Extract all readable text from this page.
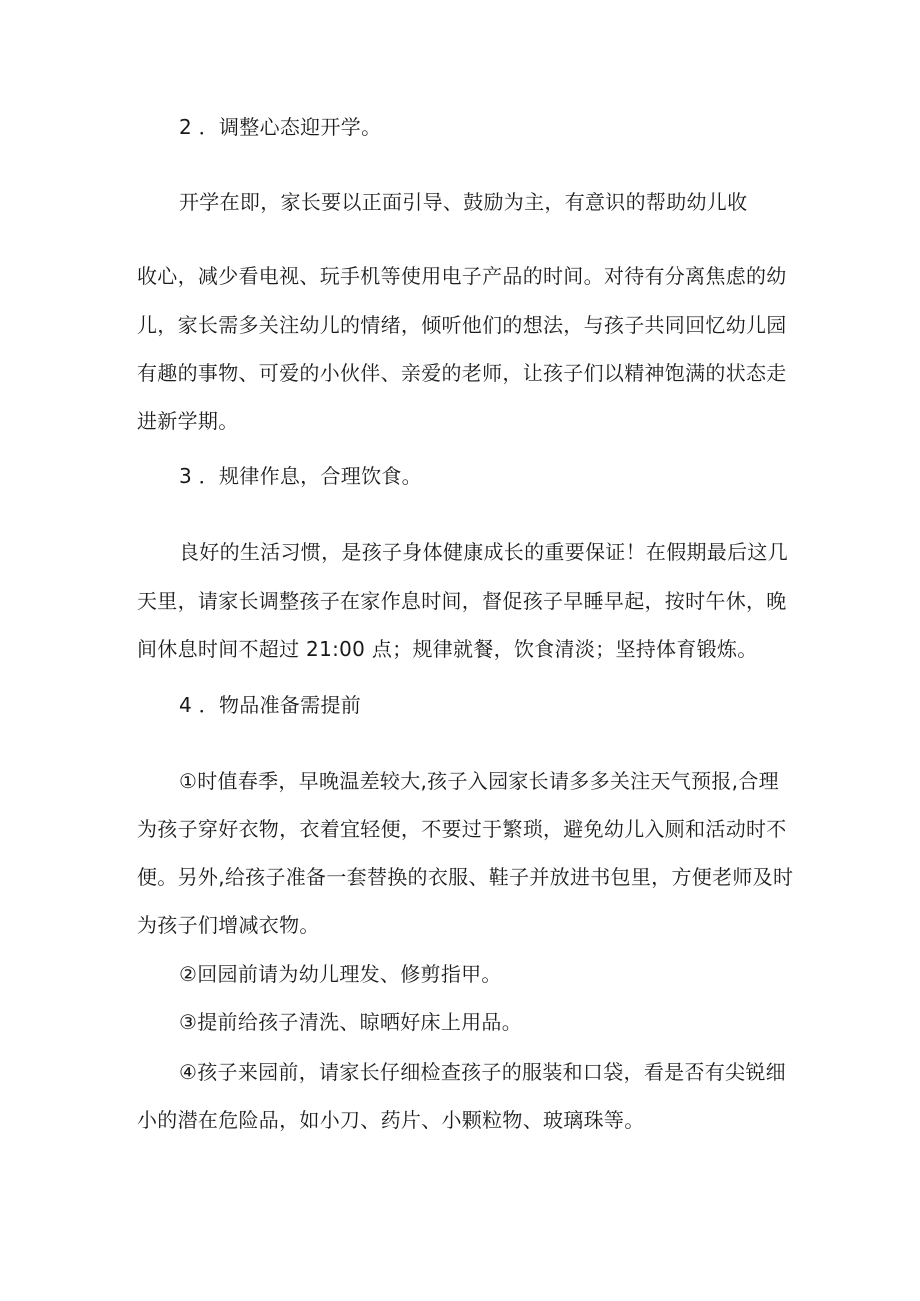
2 ．调整心态迎开学。
开学在即，家长要以正面引导、鼓励为主，有意识的帮助幼儿收
收心，减少看电视、玩手机等使用电子产品的时间。对待有分离焦虑的幼
儿，家长需多关注幼儿的情绪，倾听他们的想法，与孩子共同回忆幼儿园
有趣的事物、可爱的小伙伴、亲爱的老师，让孩子们以精神饱满的状态走
进新学期。
3 ．规律作息，合理饮食。
良好的生活习惯，是孩子身体健康成长的重要保证！在假期最后这几
天里，请家长调整孩子在家作息时间，督促孩子早睡早起，按时午休，晚
间休息时间不超过 21:00 点；规律就餐，饮食清淡；坚持体育锻炼。
4 ．物品准备需提前
①时值春季，早晚温差较大,孩子入园家长请多多关注天气预报,合理
为孩子穿好衣物，衣着宜轻便，不要过于繁琐，避免幼儿入厕和活动时不
便。另外,给孩子准备一套替换的衣服、鞋子并放进书包里，方便老师及时
为孩子们增减衣物。
②回园前请为幼儿理发、修剪指甲。
③提前给孩子清洗、晾晒好床上用品。
④孩子来园前，请家长仔细检查孩子的服装和口袋，看是否有尖锐细
小的潜在危险品，如小刀、药片、小颗粒物、玻璃珠等。
